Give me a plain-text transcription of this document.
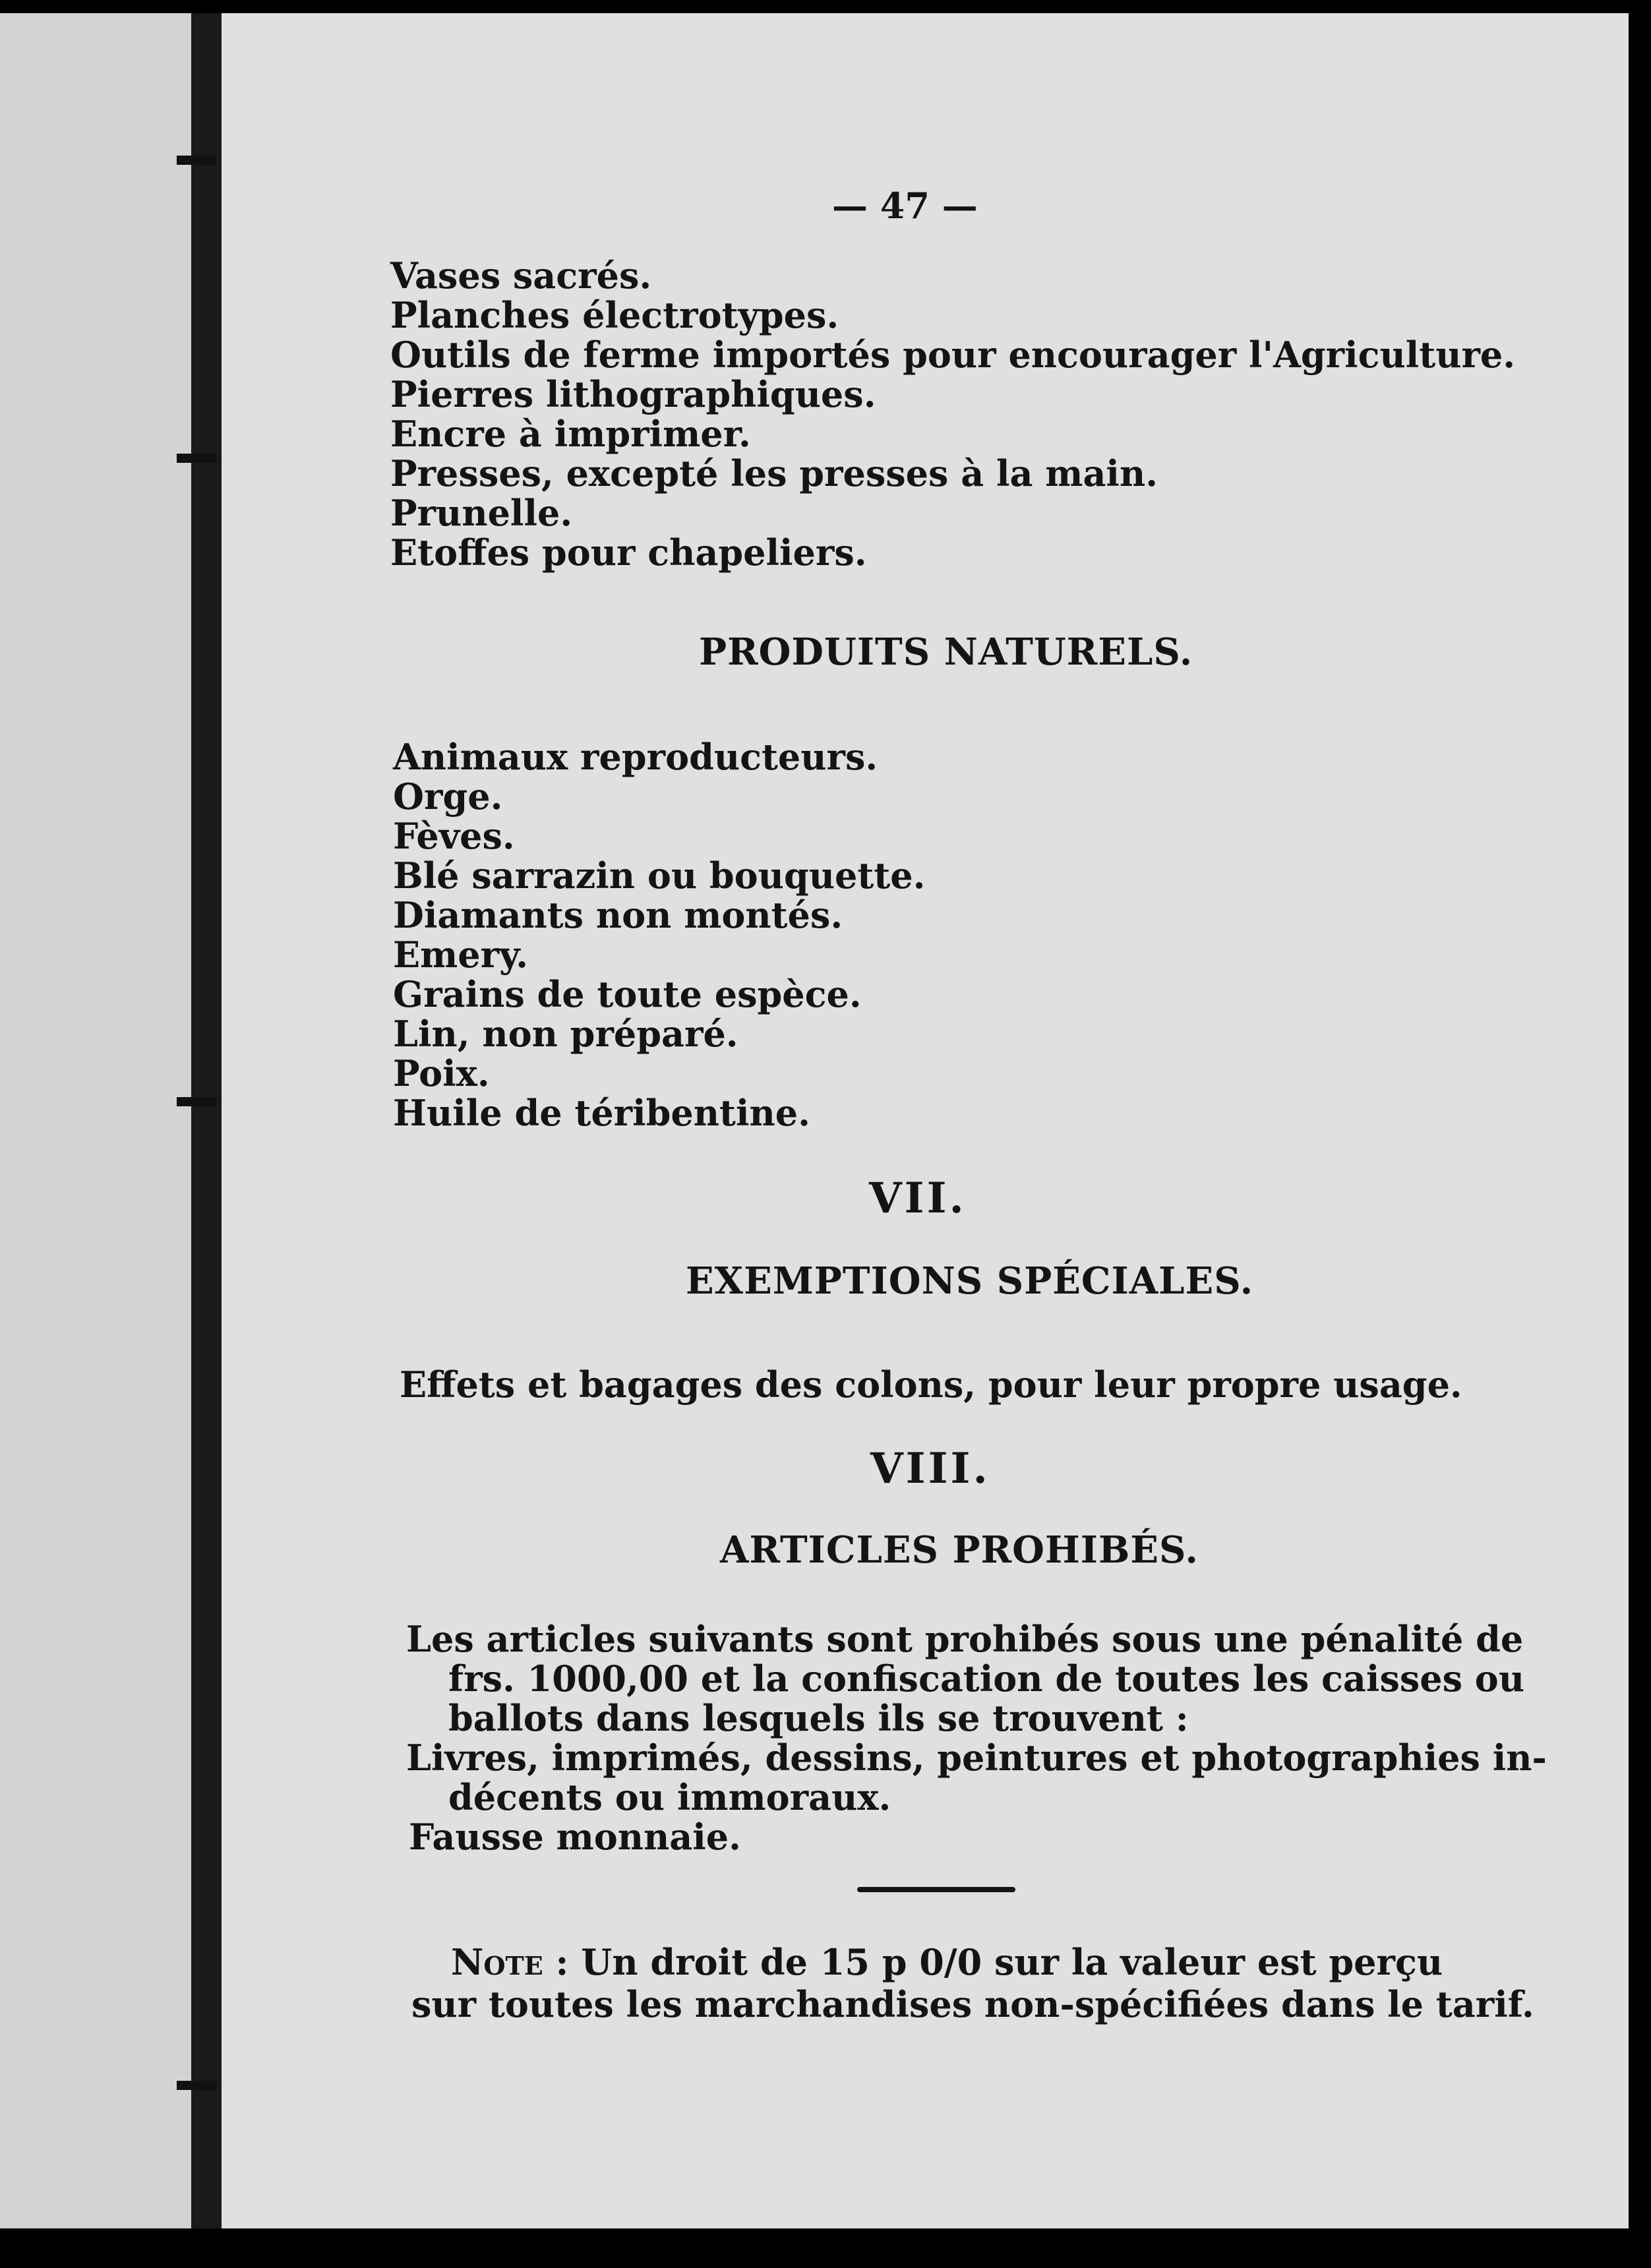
— 47 —
Vases sacrés.
Planches électrotypes.
Outils de ferme importés pour encourager l'Agriculture.
Pierres lithographiques.
Encre à imprimer.
Presses, excepté les presses à la main.
Prunelle.
Etoffes pour chapeliers.
PRODUITS NATURELS.
Animaux reproducteurs.
Orge.
Fèves.
Blé sarrazin ou bouquette.
Diamants non montés.
Emery.
Grains de toute espèce.
Lin, non préparé.
Poix.
Huile de téribentine.
VII.
EXEMPTIONS SPÉCIALES.
Effets et bagages des colons, pour leur propre usage.
VIII.
ARTICLES PROHIBÉS.
Les articles suivants sont prohibés sous une pénalité de
frs. 1000,00 et la confiscation de toutes les caisses ou
ballots dans lesquels ils se trouvent :
Livres, imprimés, dessins, peintures et photographies in-
décents ou immoraux.
Fausse monnaie.
Note : Un droit de 15 p 0/0 sur la valeur est perçu
sur toutes les marchandises non-spécifiées dans le tarif.
